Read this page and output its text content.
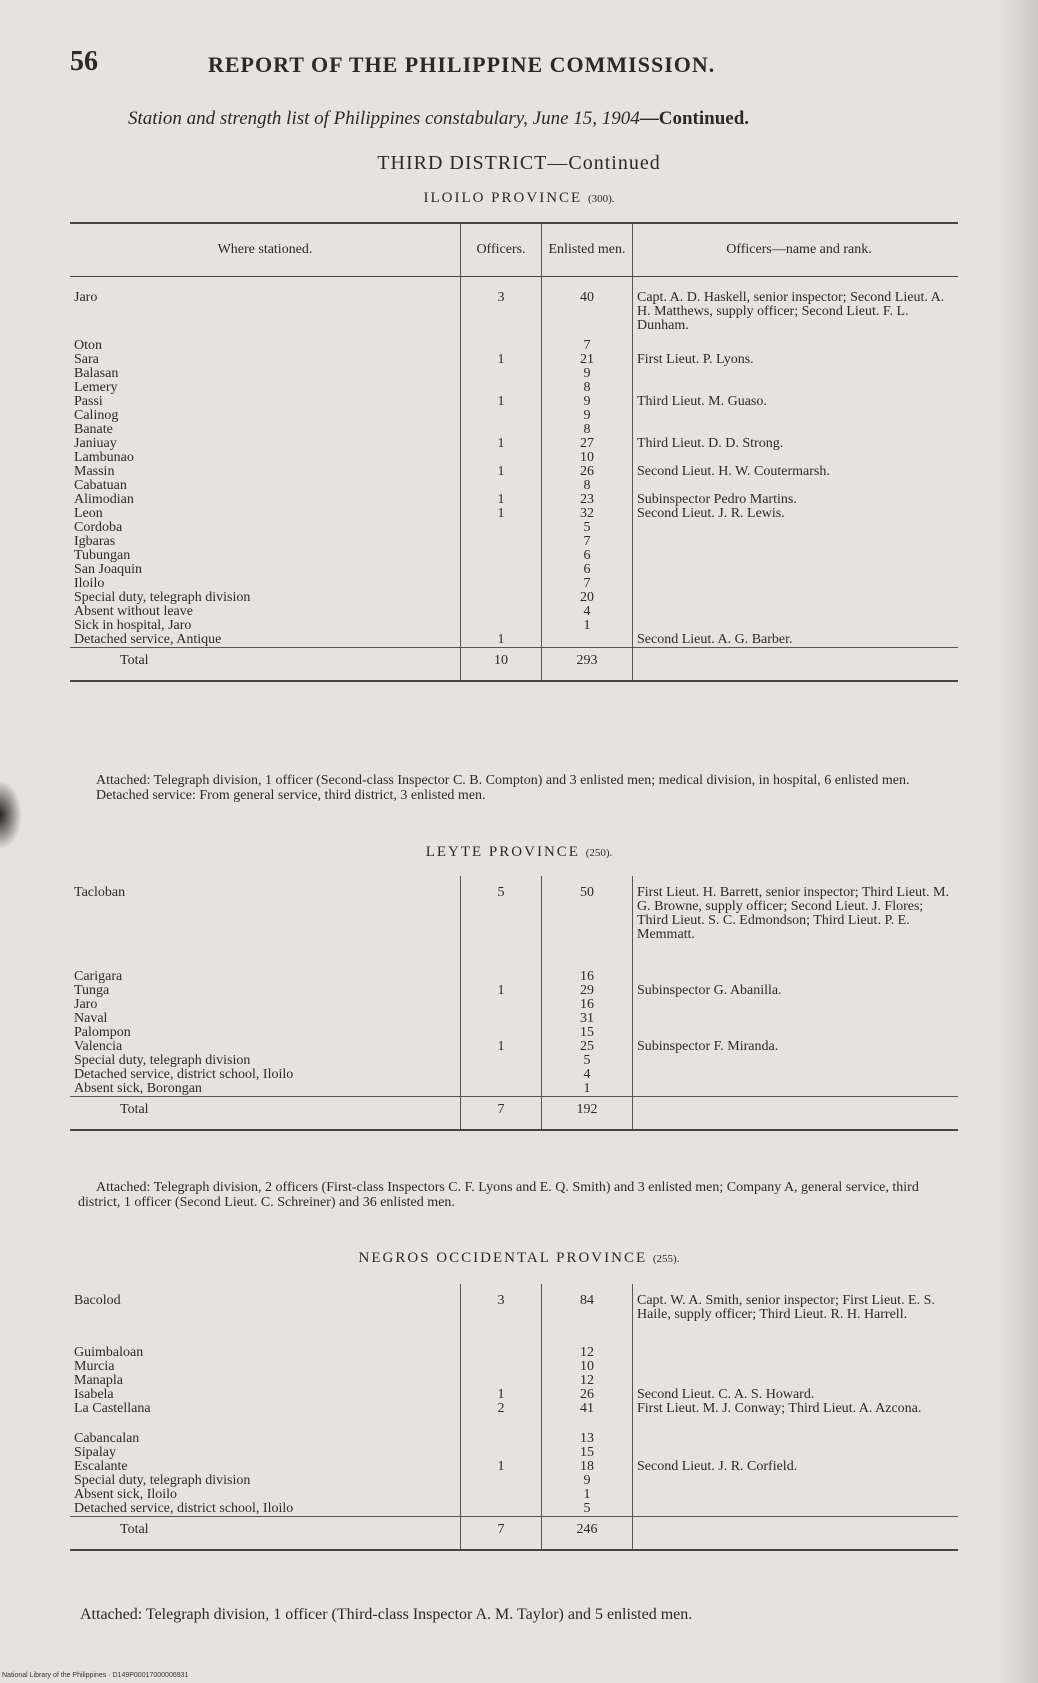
56	REPORT OF THE PHILIPPINE COMMISSION.
Station and strength list of Philippines constabulary, June 15, 1904—Continued.
THIRD DISTRICT—Continued
ILOILO PROVINCE (300).
Where stationed.	Officers.	Enlisted men.	Officers—name and rank.
Jaro	3	40	Capt. A. D. Haskell, senior inspector; Second Lieut. A. H. Matthews, supply officer; Second Lieut. F. L. Dunham.
Oton		7	
Sara	1	21	First Lieut. P. Lyons.
Balasan		9	
Lemery		8	
Passi	1	9	Third Lieut. M. Guaso.
Calinog		9	
Banate		8	
Janiuay	1	27	Third Lieut. D. D. Strong.
Lambunao		10	
Massin	1	26	Second Lieut. H. W. Coutermarsh.
Cabatuan		8	
Alimodian	1	23	Subinspector Pedro Martins.
Leon	1	32	Second Lieut. J. R. Lewis.
Cordoba		5	
Igbaras		7	
Tubungan		6	
San Joaquin		6	
Iloilo		7	
Special duty, telegraph division		20	
Absent without leave		4	
Sick in hospital, Jaro		1	
Detached service, Antique	1		Second Lieut. A. G. Barber.
Total	10	293	
Attached: Telegraph division, 1 officer (Second-class Inspector C. B. Compton) and 3 enlisted men; medical division, in hospital, 6 enlisted men.
Detached service: From general service, third district, 3 enlisted men.
LEYTE PROVINCE (250).
Tacloban	5	50	First Lieut. H. Barrett, senior inspector; Third Lieut. M. G. Browne, supply officer; Second Lieut. J. Flores; Third Lieut. S. C. Edmondson; Third Lieut. P. E. Memmatt.
Carigara		16	
Tunga	1	29	Subinspector G. Abanilla.
Jaro		16	
Naval		31	
Palompon		15	
Valencia	1	25	Subinspector F. Miranda.
Special duty, telegraph division		5	
Detached service, district school, Iloilo		4	
Absent sick, Borongan		1	
Total	7	192	
Attached: Telegraph division, 2 officers (First-class Inspectors C. F. Lyons and E. Q. Smith) and 3 enlisted men; Company A, general service, third district, 1 officer (Second Lieut. C. Schreiner) and 36 enlisted men.
NEGROS OCCIDENTAL PROVINCE (255).
Bacolod	3	84	Capt. W. A. Smith, senior inspector; First Lieut. E. S. Haile, supply officer; Third Lieut. R. H. Harrell.
Guimbaloan		12	
Murcia		10	
Manapla		12	
Isabela	1	26	Second Lieut. C. A. S. Howard.
La Castellana	2	41	First Lieut. M. J. Conway; Third Lieut. A. Azcona.
Cabancalan		13	
Sipalay		15	
Escalante	1	18	Second Lieut. J. R. Corfield.
Special duty, telegraph division		9	
Absent sick, Iloilo		1	
Detached service, district school, Iloilo		5	
Total	7	246	
Attached: Telegraph division, 1 officer (Third-class Inspector A. M. Taylor) and 5 enlisted men.
National Library of the Philippines · D149P00017000006931
